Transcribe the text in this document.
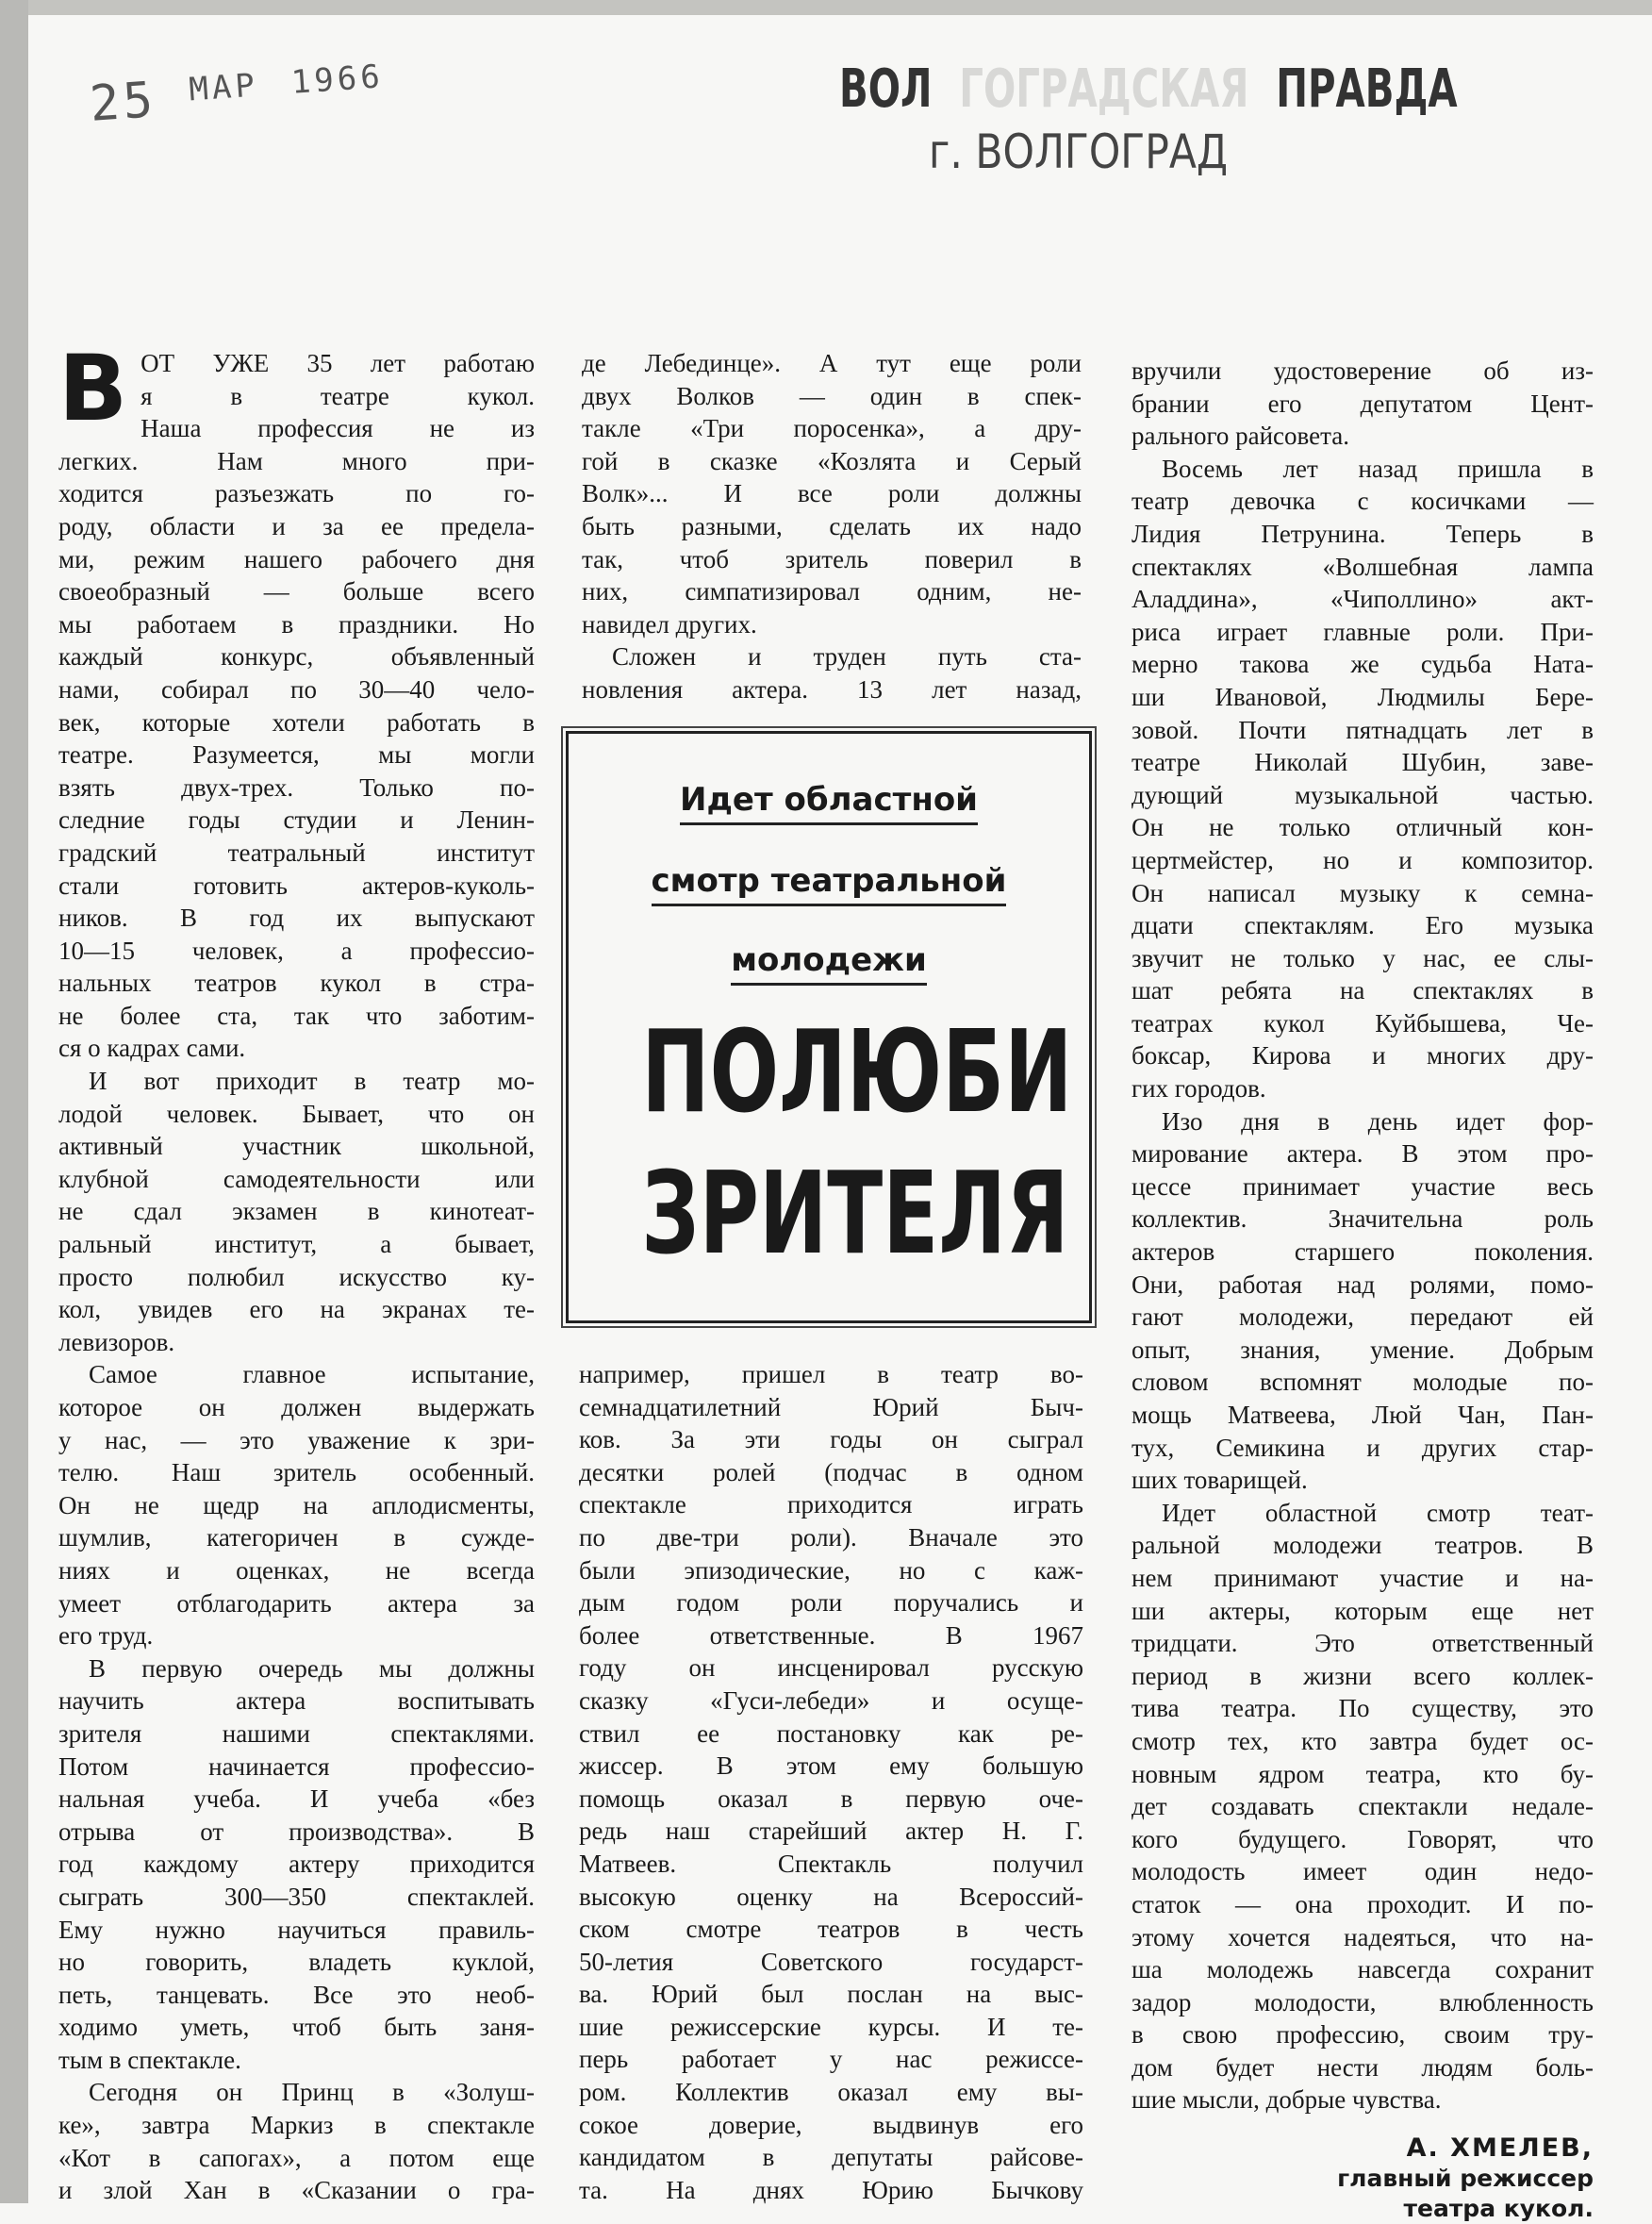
25 $^{МАР}$ $^{1966}$	ВОЛ ГОГРАДСКАЯ ПРАВДА
г. ВОЛГОГРАД
В ОТ УЖЕ 35 лет работаю
я в театре кукол.
Наша профессия не из
легких. Нам много при-
ходится разъезжать по го-
роду, области и за ее предела-
ми, режим нашего рабочего дня
своеобразный — больше всего
мы работаем в праздники. Но
каждый конкурс, объявленный
нами, собирал по 30—40 чело-
век, которые хотели работать в
театре. Разумеется, мы могли
взять двух-трех. Только по-
следние годы студии и Ленин-
градский театральный институт
стали готовить актеров-куколь-
ников. В год их выпускают
10—15 человек, а профессио-
нальных театров кукол в стра-
не более ста, так что заботим-
ся о кадрах сами.
И вот приходит в театр мо-
лодой человек. Бывает, что он
активный участник школьной,
клубной самодеятельности или
не сдал экзамен в кинотеат-
ральный институт, а бывает,
просто полюбил искусство ку-
кол, увидев его на экранах те-
левизоров.
Самое главное испытание,
которое он должен выдержать
у нас, — это уважение к зри-
телю. Наш зритель особенный.
Он не щедр на аплодисменты,
шумлив, категоричен в сужде-
ниях и оценках, не всегда
умеет отблагодарить актера за
его труд.
В первую очередь мы должны
научить актера воспитывать
зрителя нашими спектаклями.
Потом начинается профессио-
нальная учеба. И учеба «без
отрыва от производства». В
год каждому актеру приходится
сыграть 300—350 спектаклей.
Ему нужно научиться правиль-
но говорить, владеть куклой,
петь, танцевать. Все это необ-
ходимо уметь, чтоб быть заня-
тым в спектакле.
Сегодня он Принц в «Золуш-
ке», завтра Маркиз в спектакле
«Кот в сапогах», а потом еще
и злой Хан в «Сказании о гра-
де Лебединце». А тут еще роли
двух Волков — один в спек-
такле «Три поросенка», а дру-
гой в сказке «Козлята и Серый
Волк»... И все роли должны
быть разными, сделать их надо
так, чтоб зритель поверил в
них, симпатизировал одним, не-
навидел других.
Сложен и труден путь ста-
новления актера. 13 лет назад,
Идет областной
смотр театральной
молодежи
ПОЛЮБИ
ЗРИТЕЛЯ
например, пришел в театр во-
семнадцатилетний Юрий Быч-
ков. За эти годы он сыграл
десятки ролей (подчас в одном
спектакле приходится играть
по две-три роли). Вначале это
были эпизодические, но с каж-
дым годом роли поручались и
более ответственные. В 1967
году он инсценировал русскую
сказку «Гуси-лебеди» и осуще-
ствил ее постановку как ре-
жиссер. В этом ему большую
помощь оказал в первую оче-
редь наш старейший актер Н. Г.
Матвеев. Спектакль получил
высокую оценку на Всероссий-
ском смотре театров в честь
50-летия Советского государст-
ва. Юрий был послан на выс-
шие режиссерские курсы. И те-
перь работает у нас режиссе-
ром. Коллектив оказал ему вы-
сокое доверие, выдвинув его
кандидатом в депутаты райсове-
та. На днях Юрию Бычкову
вручили удостоверение об из-
брании его депутатом Цент-
рального райсовета.
Восемь лет назад пришла в
театр девочка с косичками —
Лидия Петрунина. Теперь в
спектаклях «Волшебная лампа
Аладдина», «Чиполлино» акт-
риса играет главные роли. При-
мерно такова же судьба Ната-
ши Ивановой, Людмилы Бере-
зовой. Почти пятнадцать лет в
театре Николай Шубин, заве-
дующий музыкальной частью.
Он не только отличный кон-
цертмейстер, но и композитор.
Он написал музыку к семна-
дцати спектаклям. Его музыка
звучит не только у нас, ее слы-
шат ребята на спектаклях в
театрах кукол Куйбышева, Че-
боксар, Кирова и многих дру-
гих городов.
Изо дня в день идет фор-
мирование актера. В этом про-
цессе принимает участие весь
коллектив. Значительна роль
актеров старшего поколения.
Они, работая над ролями, помо-
гают молодежи, передают ей
опыт, знания, умение. Добрым
словом вспомнят молодые по-
мощь Матвеева, Люй Чан, Пан-
тух, Семикина и других стар-
ших товарищей.
Идет областной смотр теат-
ральной молодежи театров. В
нем принимают участие и на-
ши актеры, которым еще нет
тридцати. Это ответственный
период в жизни всего коллек-
тива театра. По существу, это
смотр тех, кто завтра будет ос-
новным ядром театра, кто бу-
дет создавать спектакли недале-
кого будущего. Говорят, что
молодость имеет один недо-
статок — она проходит. И по-
этому хочется надеяться, что на-
ша молодежь навсегда сохранит
задор молодости, влюбленность
в свою профессию, своим тру-
дом будет нести людям боль-
шие мысли, добрые чувства.
А. ХМЕЛЕВ,
главный режиссер
театра кукол.
